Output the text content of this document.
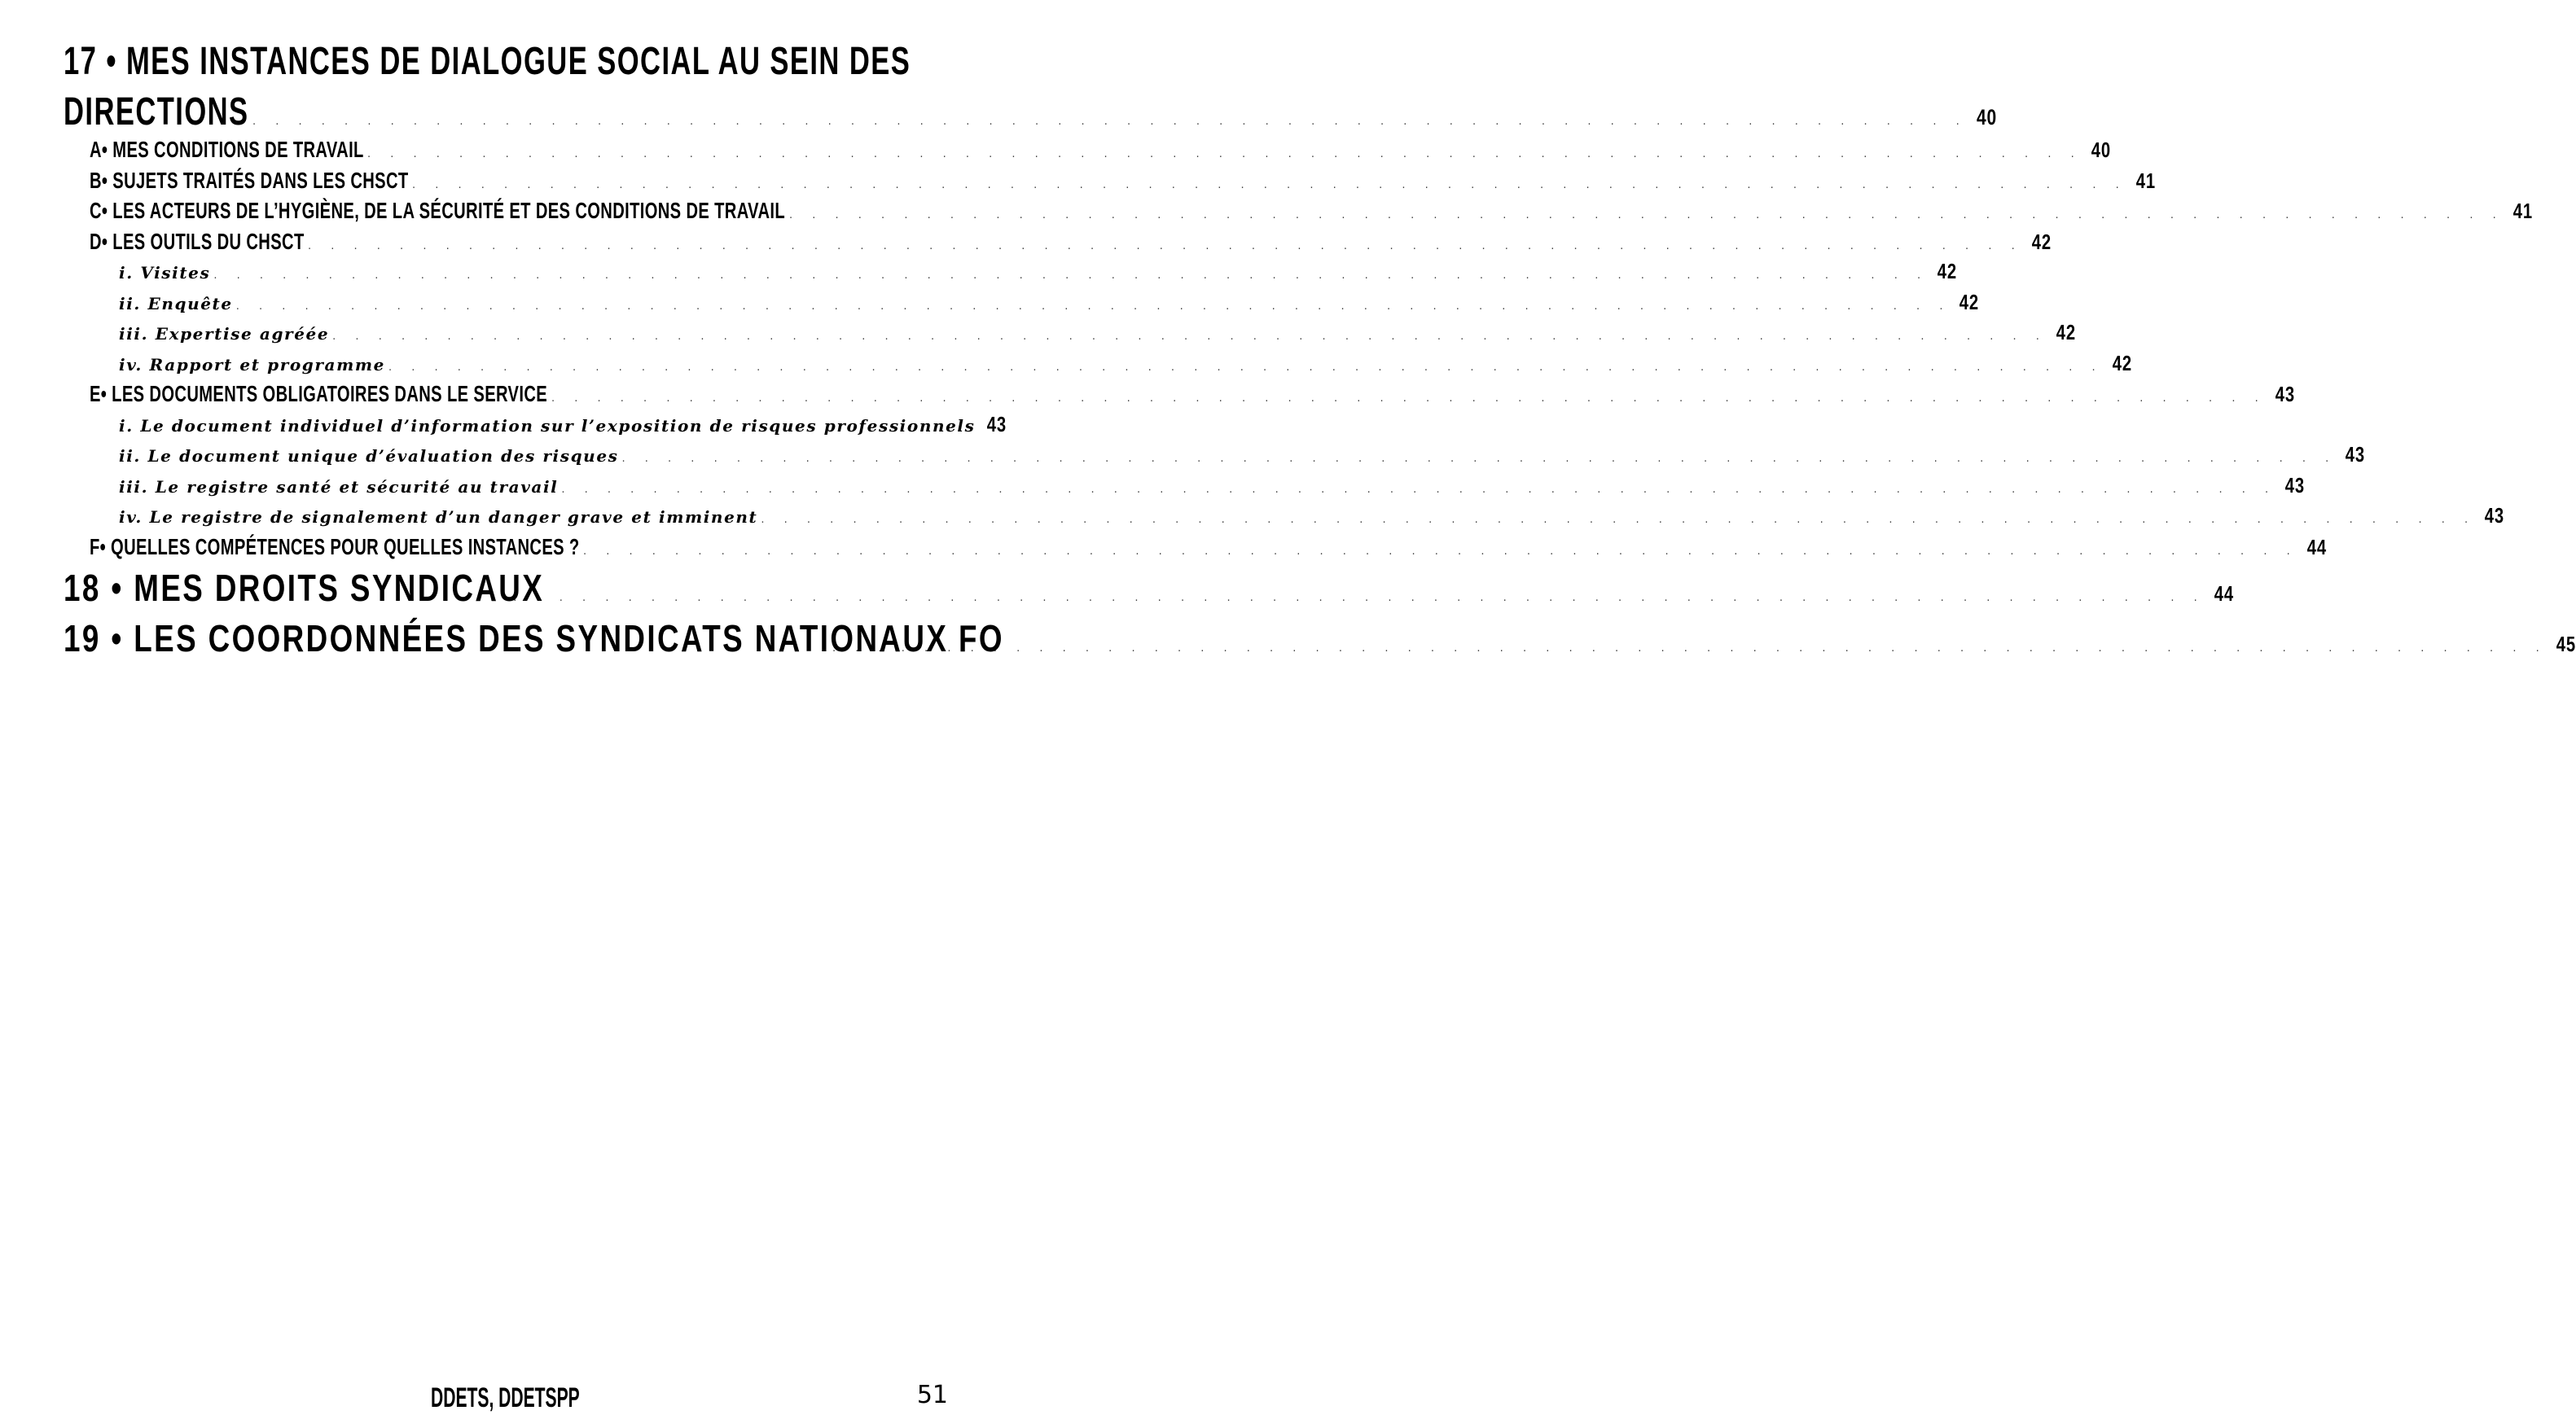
17 • MES INSTANCES DE DIALOGUE SOCIAL AU SEIN DES
DIRECTIONS . . . . . . . . . . . . . . . . . . . . . . . . . . . . . . . . . . . . . . . . . . . . . . . . . . . . . . . . . . . . . . . . . . . . . . . . . . . 40
A• MES CONDITIONS DE TRAVAIL . . . . . . . . . . . . . . . . . . . . . . . . . . . . . . . . . . . . . . . . . . . . . . . . . . . . . . . . . . . . . . . . . . . . . . . . . . . 40
B• SUJETS TRAITÉS DANS LES CHSCT . . . . . . . . . . . . . . . . . . . . . . . . . . . . . . . . . . . . . . . . . . . . . . . . . . . . . . . . . . . . . . . . . . . . . . . . . . . 41
C• LES ACTEURS DE L’HYGIÈNE, DE LA SÉCURITÉ ET DES CONDITIONS DE TRAVAIL . . . . . . . . . . . . . . . . . . . . . . . . . . . . . . . . . . . . . . . . . . . . . . . . . . . . . . . . . . . . . . . . . . . . . . . . . . . 41
D• LES OUTILS DU CHSCT . . . . . . . . . . . . . . . . . . . . . . . . . . . . . . . . . . . . . . . . . . . . . . . . . . . . . . . . . . . . . . . . . . . . . . . . . . . 42
i. Visites . . . . . . . . . . . . . . . . . . . . . . . . . . . . . . . . . . . . . . . . . . . . . . . . . . . . . . . . . . . . . . . . . . . . . . . . . . . 42
ii. Enquête . . . . . . . . . . . . . . . . . . . . . . . . . . . . . . . . . . . . . . . . . . . . . . . . . . . . . . . . . . . . . . . . . . . . . . . . . . . 42
iii. Expertise agréée . . . . . . . . . . . . . . . . . . . . . . . . . . . . . . . . . . . . . . . . . . . . . . . . . . . . . . . . . . . . . . . . . . . . . . . . . . . 42
iv. Rapport et programme . . . . . . . . . . . . . . . . . . . . . . . . . . . . . . . . . . . . . . . . . . . . . . . . . . . . . . . . . . . . . . . . . . . . . . . . . . . 42
E• LES DOCUMENTS OBLIGATOIRES DANS LE SERVICE . . . . . . . . . . . . . . . . . . . . . . . . . . . . . . . . . . . . . . . . . . . . . . . . . . . . . . . . . . . . . . . . . . . . . . . . . . . 43
i. Le document individuel d’information sur l’exposition de risques professionnels 43
ii. Le document unique d’évaluation des risques . . . . . . . . . . . . . . . . . . . . . . . . . . . . . . . . . . . . . . . . . . . . . . . . . . . . . . . . . . . . . . . . . . . . . . . . . . . 43
iii. Le registre santé et sécurité au travail . . . . . . . . . . . . . . . . . . . . . . . . . . . . . . . . . . . . . . . . . . . . . . . . . . . . . . . . . . . . . . . . . . . . . . . . . . . 43
iv. Le registre de signalement d’un danger grave et imminent . . . . . . . . . . . . . . . . . . . . . . . . . . . . . . . . . . . . . . . . . . . . . . . . . . . . . . . . . . . . . . . . . . . . . . . . . . . 43
F• QUELLES COMPÉTENCES POUR QUELLES INSTANCES ? . . . . . . . . . . . . . . . . . . . . . . . . . . . . . . . . . . . . . . . . . . . . . . . . . . . . . . . . . . . . . . . . . . . . . . . . . . . 44
18 • MES DROITS SYNDICAUX
. . . . . . . . . . . . . . . . . . . . . . . . . . . . . . . . . . . . . . . . . . . . . . . . . . . . . . . . . . . . . . . . . . . . . . . . . . . 44
19 • LES COORDONNÉES DES SYNDICATS NATIONAUX FO
. . . . . . . . . . . . . . . . . . . . . . . . . . . . . . . . . . . . . . . . . . . . . . . . . . . . . . . . . . . . . . . . . . . . . . . . . . . 45
DDETS, DDETSPP	51
